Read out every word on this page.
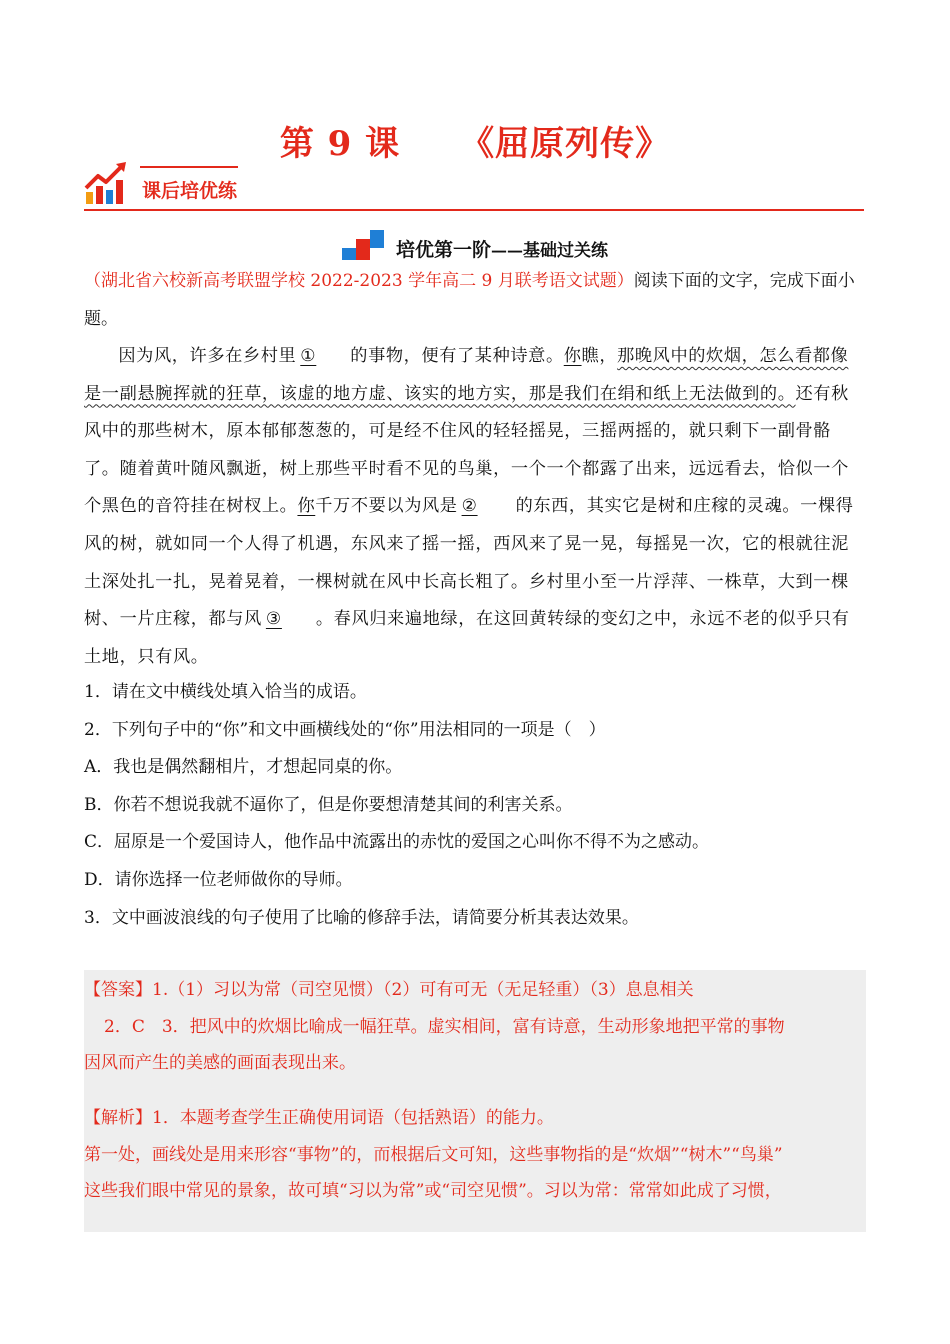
第 9 课 《屈原列传》
课后培优练
培优第一阶——基础过关练
（湖北省六校新高考联盟学校 2022-2023 学年高二 9 月联考语文试题）阅读下面的文字，完成下面小题。

因为风，许多在乡村里 ① 的事物，便有了某种诗意。你瞧，那晚风中的炊烟，怎么看都像是一副悬腕挥就的狂草，该虚的地方虚、该实的地方实，那是我们在绢和纸上无法做到的。还有秋风中的那些树木，原本郁郁葱葱的，可是经不住风的轻轻摇晃，三摇两摇的，就只剩下一副骨骼了。随着黄叶随风飘逝，树上那些平时看不见的鸟巢，一个一个都露了出来，远远看去，恰似一个个黑色的音符挂在树杈上。你千万不要以为风是 ② 的东西，其实它是树和庄稼的灵魂。一棵得风的树，就如同一个人得了机遇，东风来了摇一摇，西风来了晃一晃，每摇晃一次，它的根就往泥土深处扎一扎，晃着晃着，一棵树就在风中长高长粗了。乡村里小至一片浮萍、一株草，大到一棵树、一片庄稼，都与风 ③ 。春风归来遍地绿，在这回黄转绿的变幻之中，永远不老的似乎只有土地，只有风。

1．请在文中横线处填入恰当的成语。
2．下列句子中的“你”和文中画横线处的“你”用法相同的一项是（　）
A．我也是偶然翻相片，才想起同桌的你。
B．你若不想说我就不逼你了，但是你要想清楚其间的利害关系。
C．屈原是一个爱国诗人，他作品中流露出的赤忱的爱国之心叫你不得不为之感动。
D．请你选择一位老师做你的导师。
3．文中画波浪线的句子使用了比喻的修辞手法，请简要分析其表达效果。
【答案】1.（1）习以为常（司空见惯）（2）可有可无（无足轻重）（3）息息相关
2．C　3．把风中的炊烟比喻成一幅狂草。虚实相间，富有诗意，生动形象地把平常的事物
因风而产生的美感的画面表现出来。
【解析】1．本题考查学生正确使用词语（包括熟语）的能力。
第一处，画线处是用来形容“事物”的，而根据后文可知，这些事物指的是“炊烟”“树木”“鸟巢”
这些我们眼中常见的景象，故可填“习以为常”或“司空见惯”。习以为常：常常如此成了习惯，
